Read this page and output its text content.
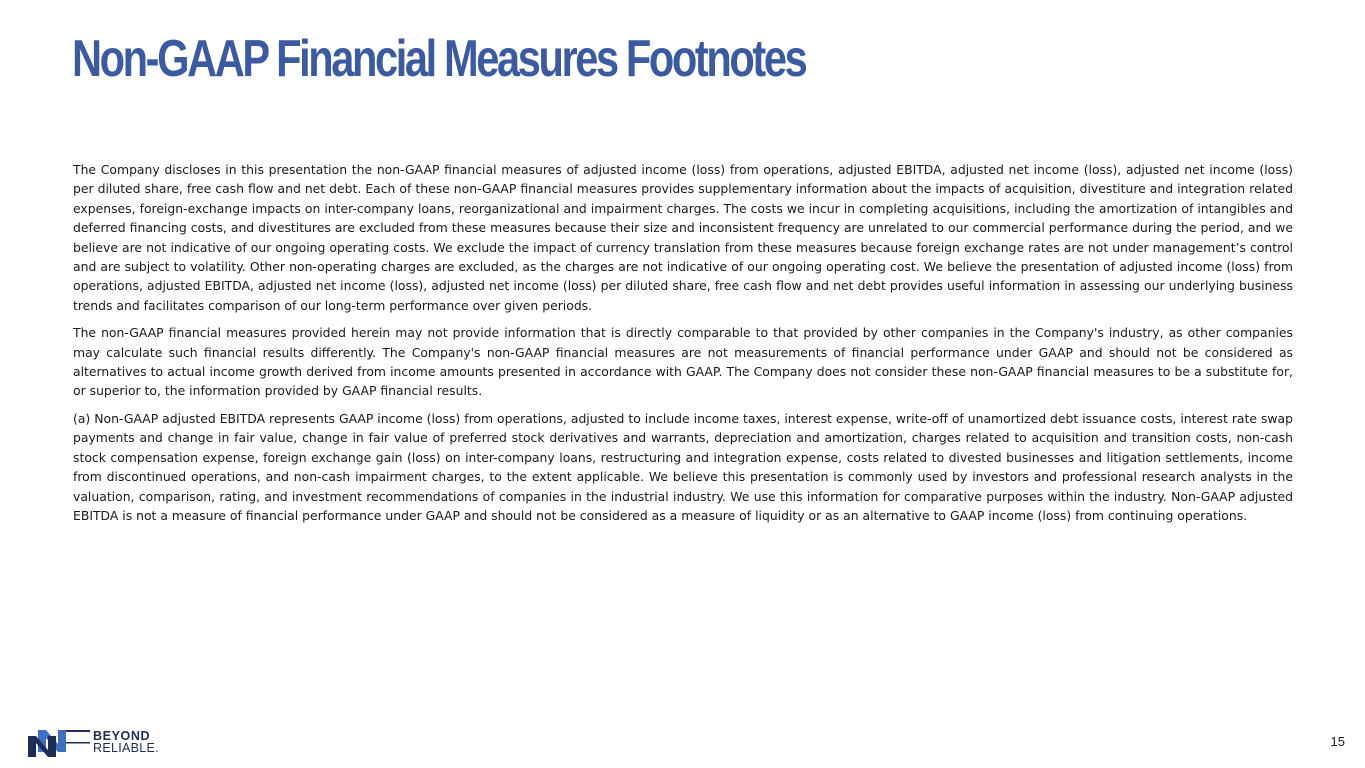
Non-GAAP Financial Measures Footnotes

The Company discloses in this presentation the non-GAAP financial measures of adjusted income (loss) from operations, adjusted EBITDA, adjusted net income (loss), adjusted net income (loss) per diluted share, free cash flow and net debt. Each of these non-GAAP financial measures provides supplementary information about the impacts of acquisition, divestiture and integration related expenses, foreign-exchange impacts on inter-company loans, reorganizational and impairment charges. The costs we incur in completing acquisitions, including the amortization of intangibles and deferred financing costs, and divestitures are excluded from these measures because their size and inconsistent frequency are unrelated to our commercial performance during the period, and we believe are not indicative of our ongoing operating costs. We exclude the impact of currency translation from these measures because foreign exchange rates are not under management’s control and are subject to volatility. Other non-operating charges are excluded, as the charges are not indicative of our ongoing operating cost. We believe the presentation of adjusted income (loss) from operations, adjusted EBITDA, adjusted net income (loss), adjusted net income (loss) per diluted share, free cash flow and net debt provides useful information in assessing our underlying business trends and facilitates comparison of our long-term performance over given periods.

The non-GAAP financial measures provided herein may not provide information that is directly comparable to that provided by other companies in the Company's industry, as other companies may calculate such financial results differently. The Company's non-GAAP financial measures are not measurements of financial performance under GAAP and should not be considered as alternatives to actual income growth derived from income amounts presented in accordance with GAAP. The Company does not consider these non-GAAP financial measures to be a substitute for, or superior to, the information provided by GAAP financial results.

(a) Non-GAAP adjusted EBITDA represents GAAP income (loss) from operations, adjusted to include income taxes, interest expense, write-off of unamortized debt issuance costs, interest rate swap payments and change in fair value, change in fair value of preferred stock derivatives and warrants, depreciation and amortization, charges related to acquisition and transition costs, non-cash stock compensation expense, foreign exchange gain (loss) on inter-company loans, restructuring and integration expense, costs related to divested businesses and litigation settlements, income from discontinued operations, and non-cash impairment charges, to the extent applicable. We believe this presentation is commonly used by investors and professional research analysts in the valuation, comparison, rating, and investment recommendations of companies in the industrial industry. We use this information for comparative purposes within the industry. Non-GAAP adjusted EBITDA is not a measure of financial performance under GAAP and should not be considered as a measure of liquidity or as an alternative to GAAP income (loss) from continuing operations.

BEYOND
RELIABLE.	15
